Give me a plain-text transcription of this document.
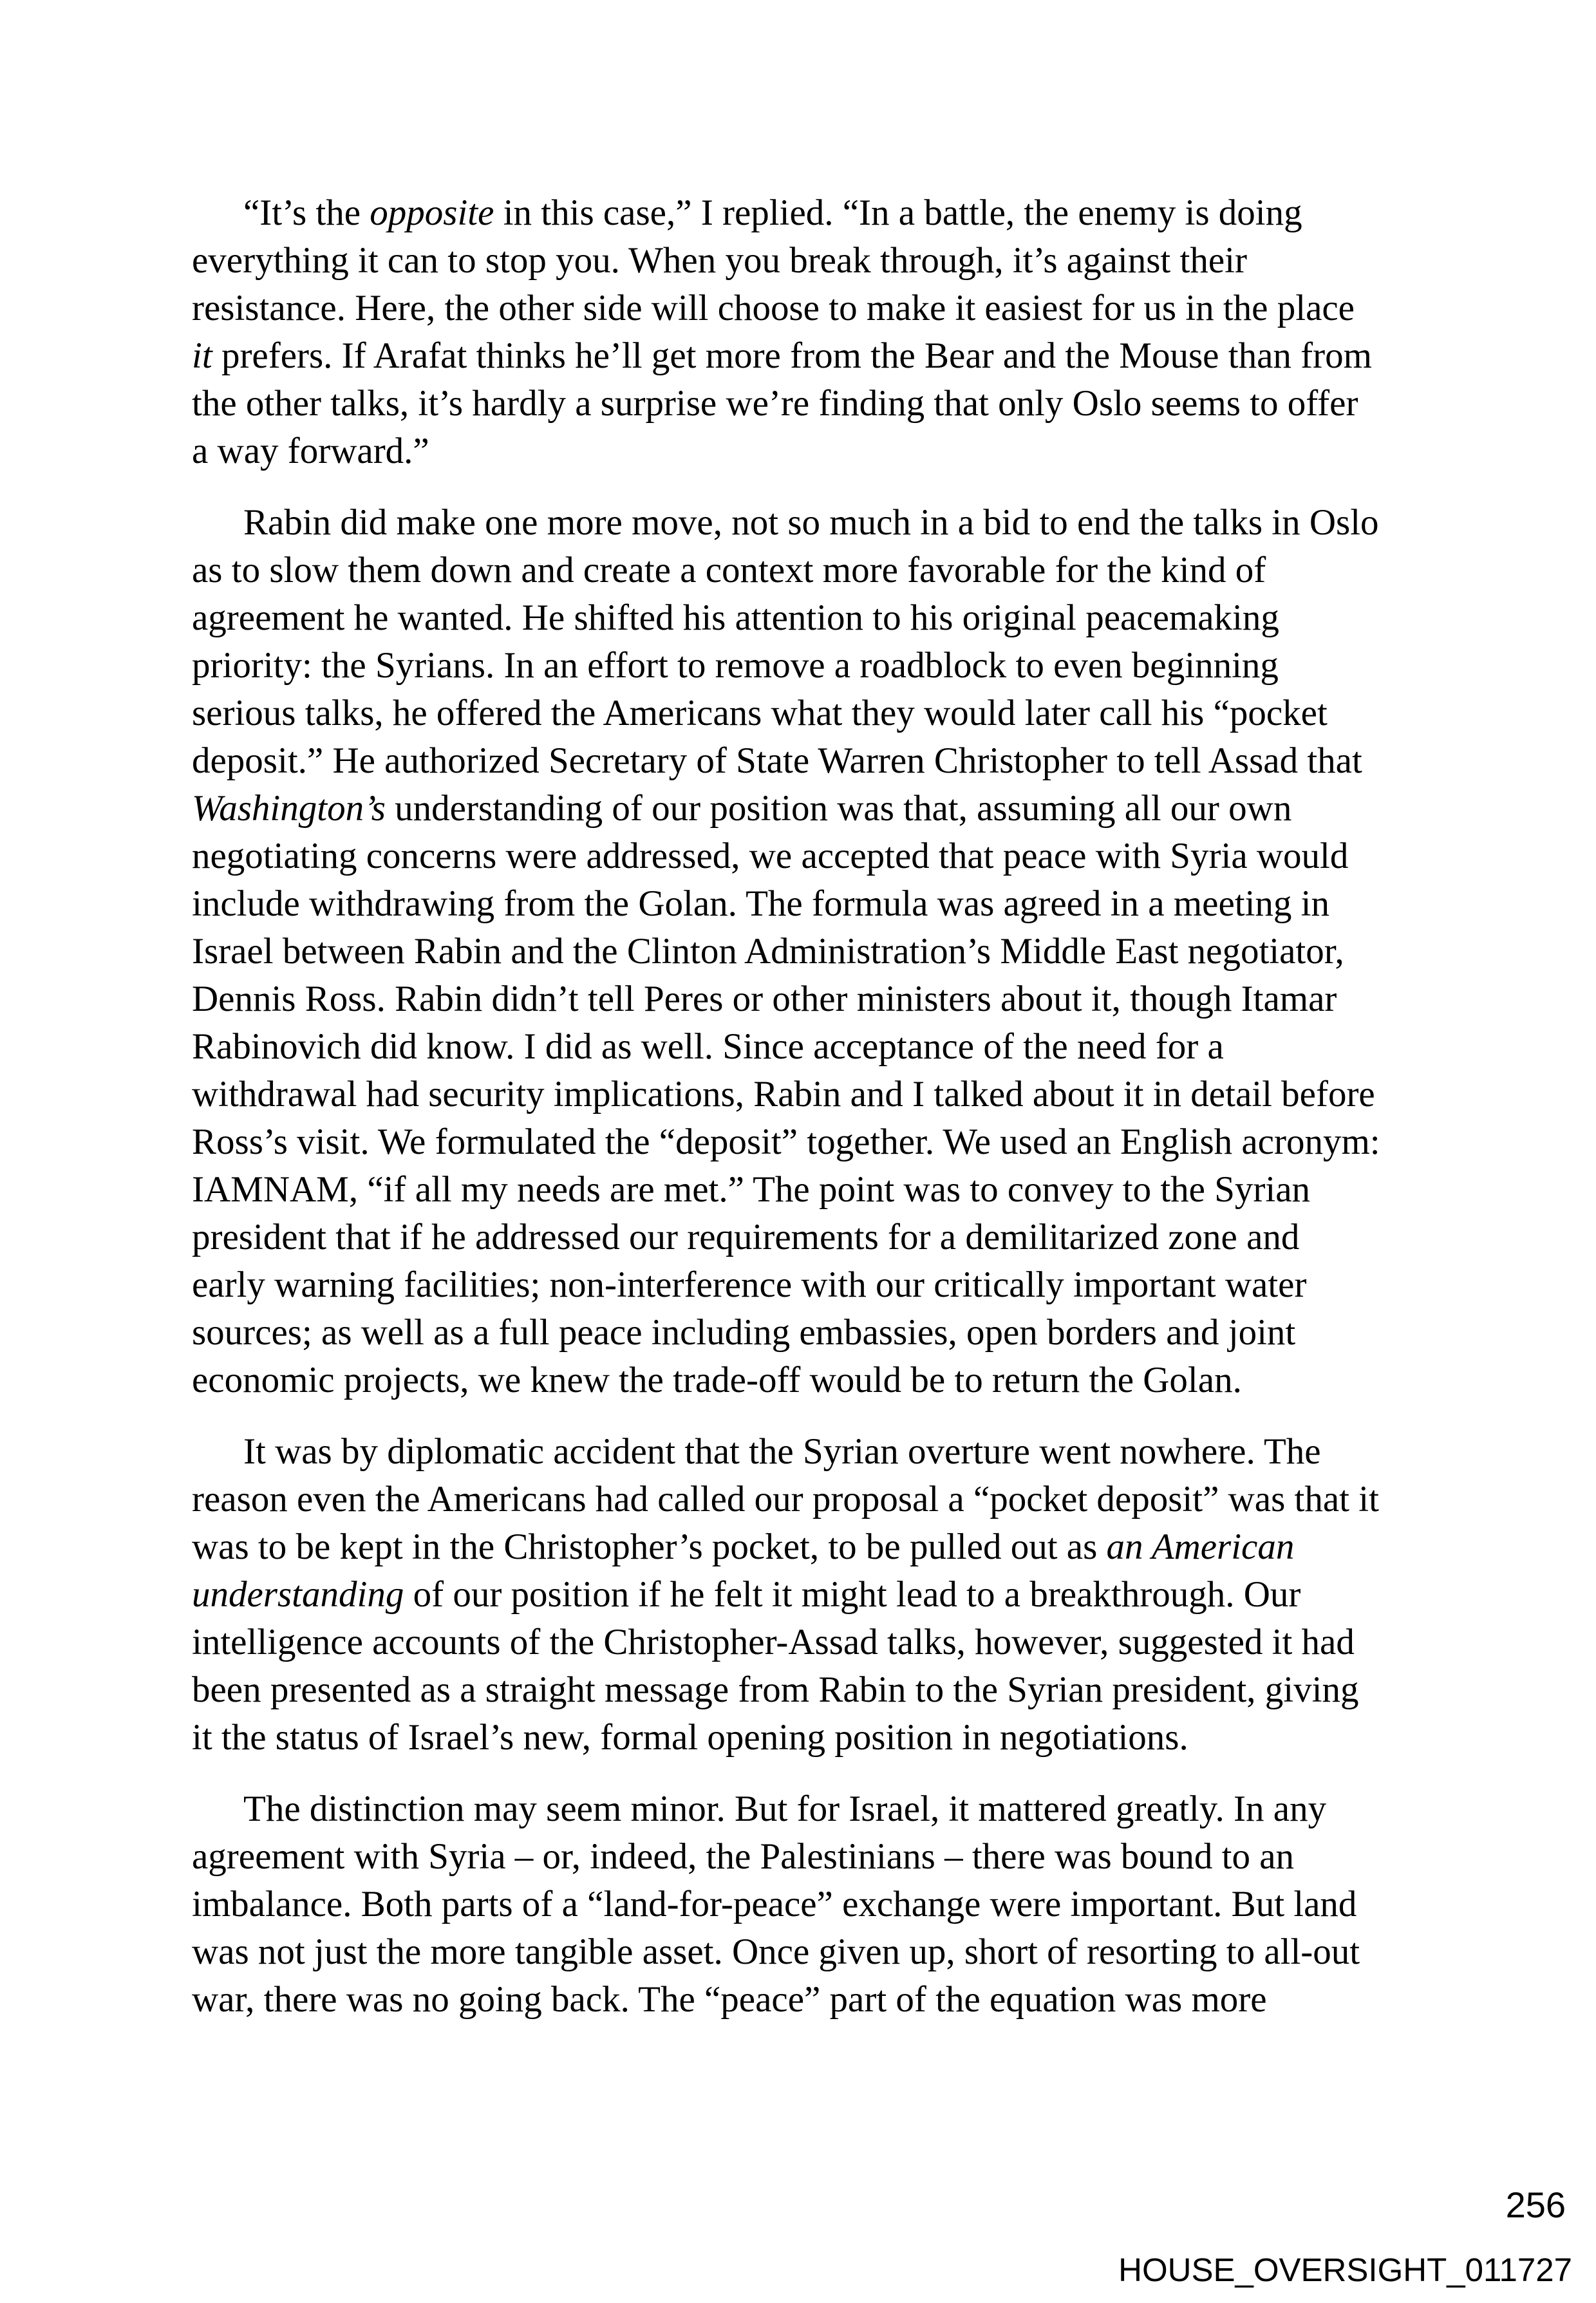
“It’s the opposite in this case,” I replied. “In a battle, the enemy is doing everything it can to stop you. When you break through, it’s against their resistance. Here, the other side will choose to make it easiest for us in the place it prefers. If Arafat thinks he’ll get more from the Bear and the Mouse than from the other talks, it’s hardly a surprise we’re finding that only Oslo seems to offer a way forward.”

Rabin did make one more move, not so much in a bid to end the talks in Oslo as to slow them down and create a context more favorable for the kind of agreement he wanted. He shifted his attention to his original peacemaking priority: the Syrians. In an effort to remove a roadblock to even beginning serious talks, he offered the Americans what they would later call his “pocket deposit.” He authorized Secretary of State Warren Christopher to tell Assad that Washington’s understanding of our position was that, assuming all our own negotiating concerns were addressed, we accepted that peace with Syria would include withdrawing from the Golan. The formula was agreed in a meeting in Israel between Rabin and the Clinton Administration’s Middle East negotiator, Dennis Ross. Rabin didn’t tell Peres or other ministers about it, though Itamar Rabinovich did know. I did as well. Since acceptance of the need for a withdrawal had security implications, Rabin and I talked about it in detail before Ross’s visit. We formulated the “deposit” together. We used an English acronym: IAMNAM, “if all my needs are met.” The point was to convey to the Syrian president that if he addressed our requirements for a demilitarized zone and early warning facilities; non-interference with our critically important water sources; as well as a full peace including embassies, open borders and joint economic projects, we knew the trade-off would be to return the Golan.

It was by diplomatic accident that the Syrian overture went nowhere. The reason even the Americans had called our proposal a “pocket deposit” was that it was to be kept in the Christopher’s pocket, to be pulled out as an American understanding of our position if he felt it might lead to a breakthrough. Our intelligence accounts of the Christopher-Assad talks, however, suggested it had been presented as a straight message from Rabin to the Syrian president, giving it the status of Israel’s new, formal opening position in negotiations.

The distinction may seem minor. But for Israel, it mattered greatly. In any agreement with Syria – or, indeed, the Palestinians – there was bound to an imbalance. Both parts of a “land-for-peace” exchange were important. But land was not just the more tangible asset. Once given up, short of resorting to all-out war, there was no going back. The “peace” part of the equation was more

256
HOUSE_OVERSIGHT_011727
